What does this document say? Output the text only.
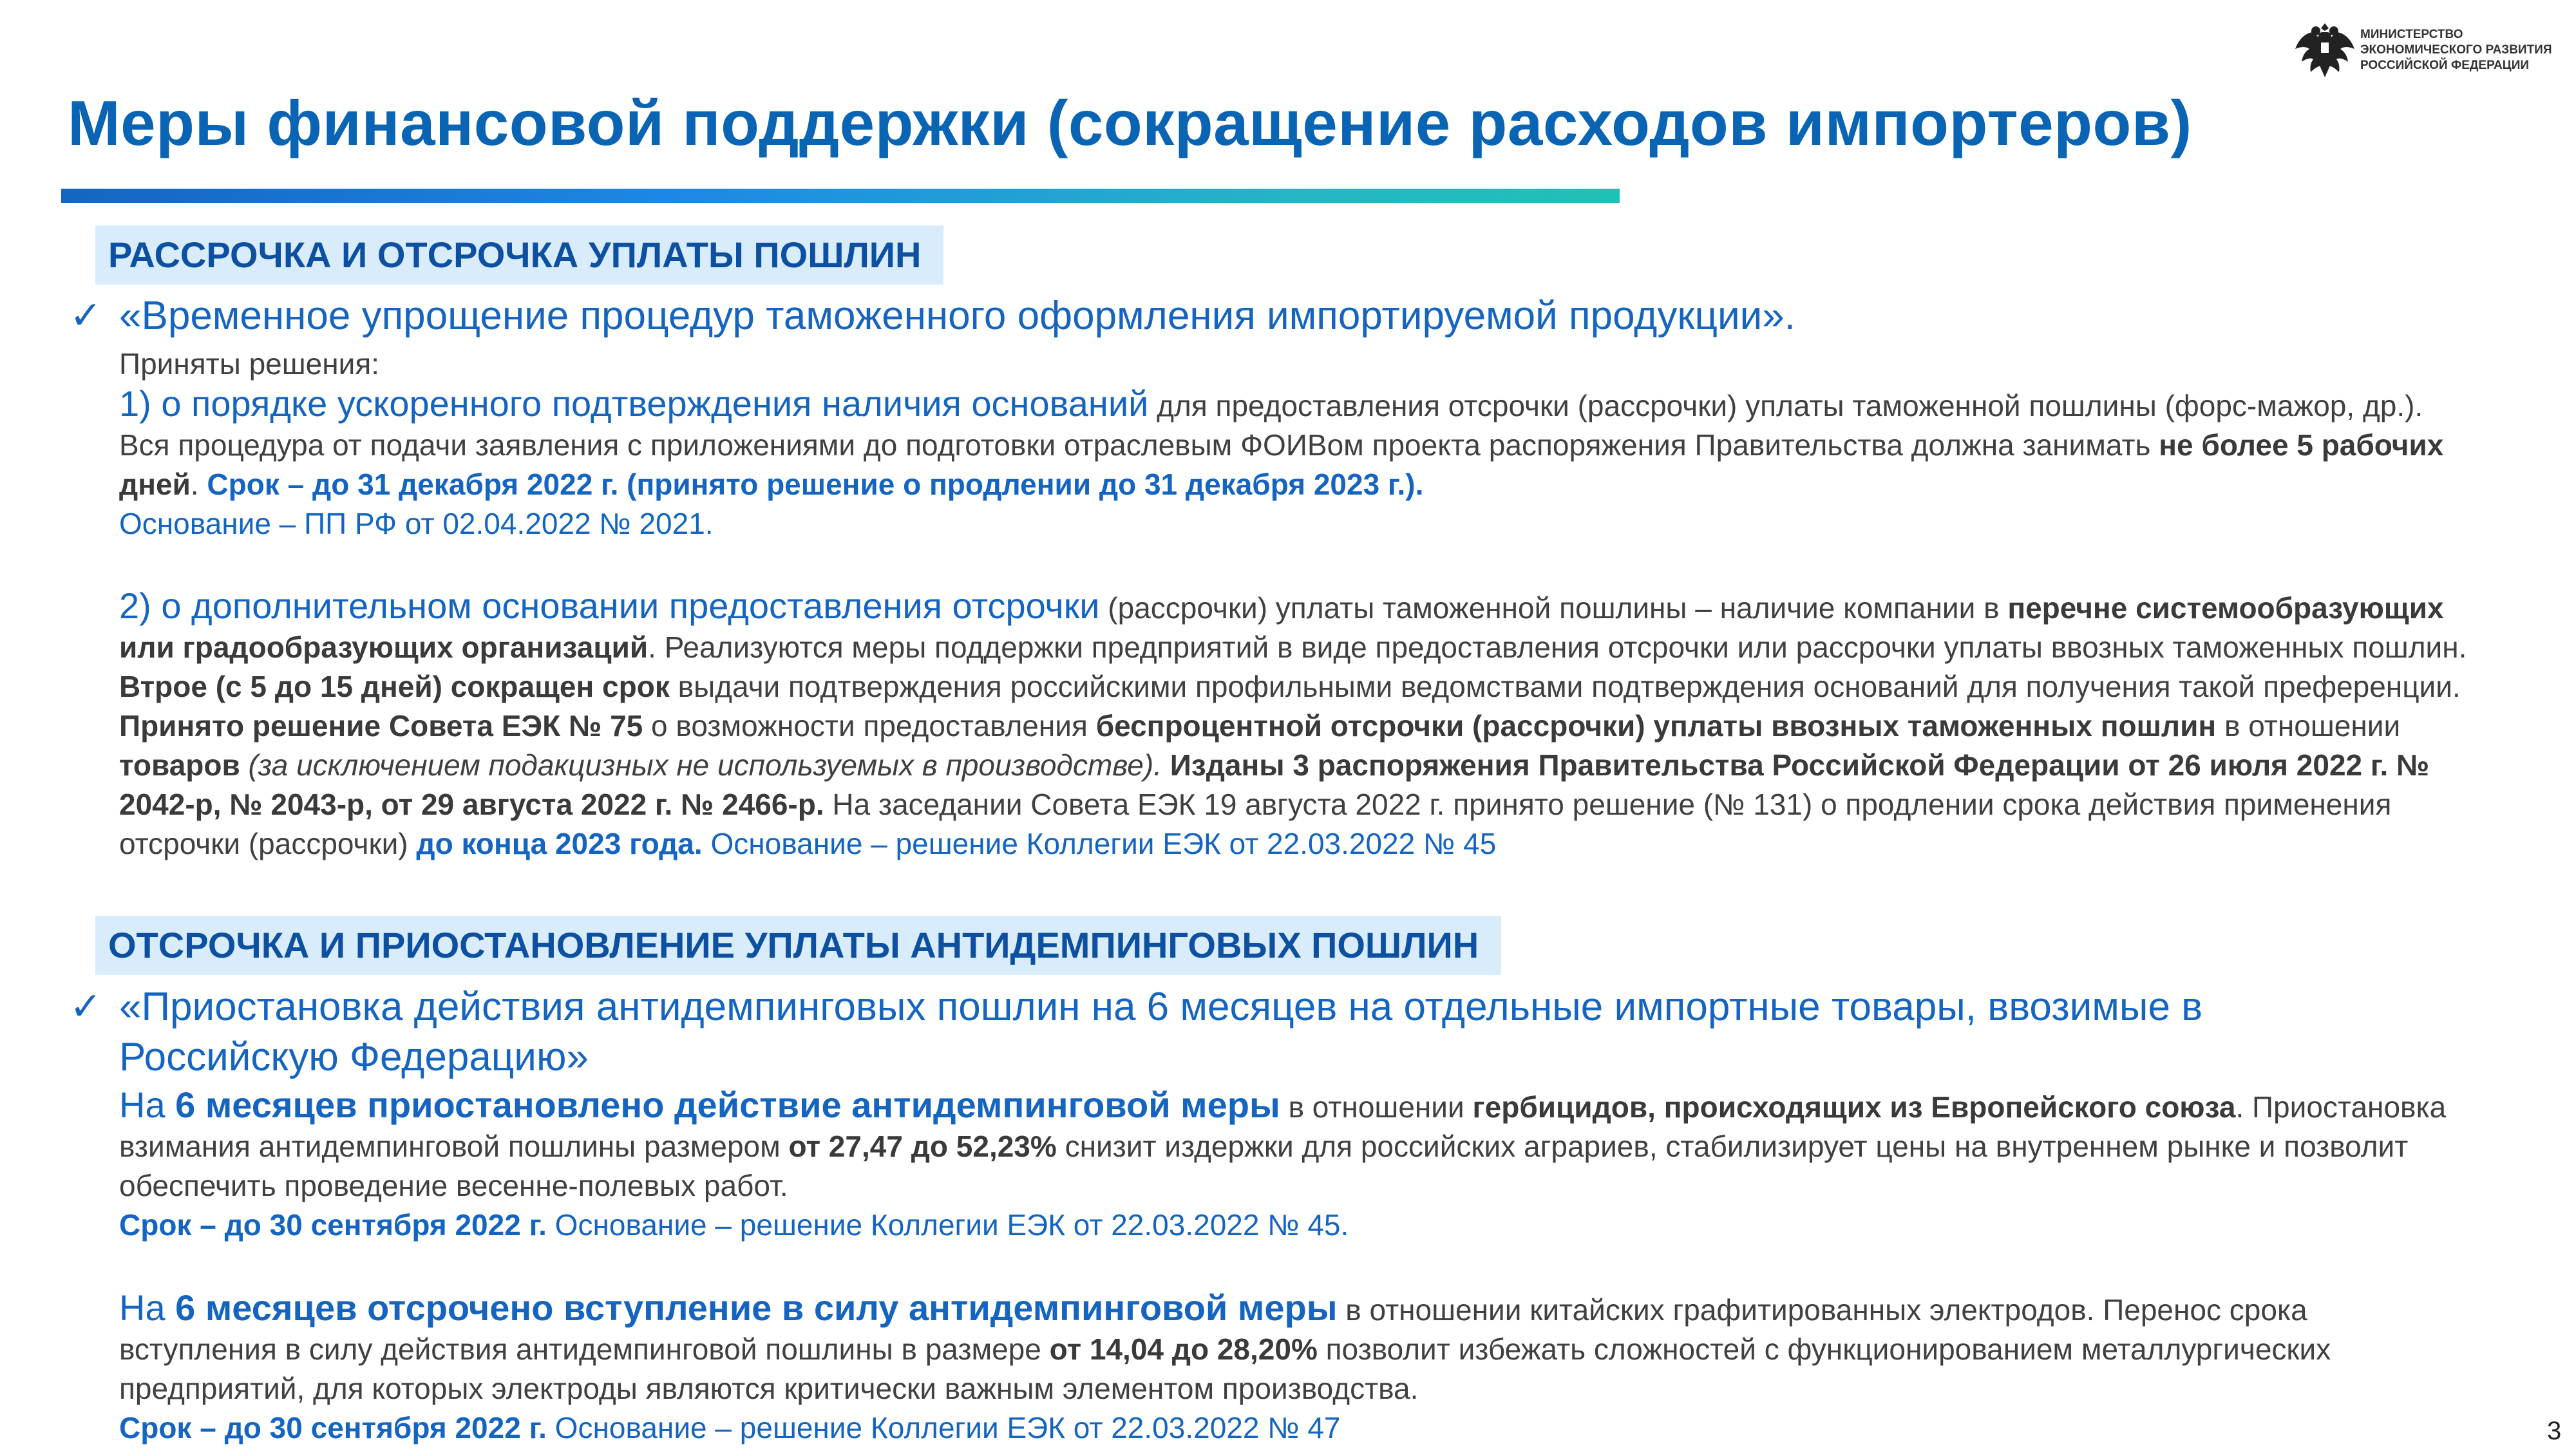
Меры финансовой поддержки (сокращение расходов импортеров)
МИНИСТЕРСТВО
ЭКОНОМИЧЕСКОГО РАЗВИТИЯ
РОССИЙСКОЙ ФЕДЕРАЦИИ
РАССРОЧКА И ОТСРОЧКА УПЛАТЫ ПОШЛИН
✓ «Временное упрощение процедур таможенного оформления импортируемой продукции».
Приняты решения:
1) о порядке ускоренного подтверждения наличия оснований для предоставления отсрочки (рассрочки) уплаты таможенной пошлины (форс-мажор, др.). Вся процедура от подачи заявления с приложениями до подготовки отраслевым ФОИВом проекта распоряжения Правительства должна занимать не более 5 рабочих дней. Срок – до 31 декабря 2022 г. (принято решение о продлении до 31 декабря 2023 г.).
Основание – ПП РФ от 02.04.2022 № 2021.
2) о дополнительном основании предоставления отсрочки (рассрочки) уплаты таможенной пошлины – наличие компании в перечне системообразующих или градообразующих организаций. Реализуются меры поддержки предприятий в виде предоставления отсрочки или рассрочки уплаты ввозных таможенных пошлин. Втрое (с 5 до 15 дней) сокращен срок выдачи подтверждения российскими профильными ведомствами подтверждения оснований для получения такой преференции. Принято решение Совета ЕЭК № 75 о возможности предоставления беспроцентной отсрочки (рассрочки) уплаты ввозных таможенных пошлин в отношении товаров (за исключением подакцизных не используемых в производстве). Изданы 3 распоряжения Правительства Российской Федерации от 26 июля 2022 г. № 2042-р, № 2043-р, от 29 августа 2022 г. № 2466-р. На заседании Совета ЕЭК 19 августа 2022 г. принято решение (№ 131) о продлении срока действия применения отсрочки (рассрочки) до конца 2023 года. Основание – решение Коллегии ЕЭК от 22.03.2022 № 45
ОТСРОЧКА И ПРИОСТАНОВЛЕНИЕ УПЛАТЫ АНТИДЕМПИНГОВЫХ ПОШЛИН
✓ «Приостановка действия антидемпинговых пошлин на 6 месяцев на отдельные импортные товары, ввозимые в Российскую Федерацию»
На 6 месяцев приостановлено действие антидемпинговой меры в отношении гербицидов, происходящих из Европейского союза. Приостановка взимания антидемпинговой пошлины размером от 27,47 до 52,23% снизит издержки для российских аграриев, стабилизирует цены на внутреннем рынке и позволит обеспечить проведение весенне-полевых работ.
Срок – до 30 сентября 2022 г. Основание – решение Коллегии ЕЭК от 22.03.2022 № 45.
На 6 месяцев отсрочено вступление в силу антидемпинговой меры в отношении китайских графитированных электродов. Перенос срока вступления в силу действия антидемпинговой пошлины в размере от 14,04 до 28,20% позволит избежать сложностей с функционированием металлургических предприятий, для которых электроды являются критически важным элементом производства.
Срок – до 30 сентября 2022 г. Основание – решение Коллегии ЕЭК от 22.03.2022 № 47	3
